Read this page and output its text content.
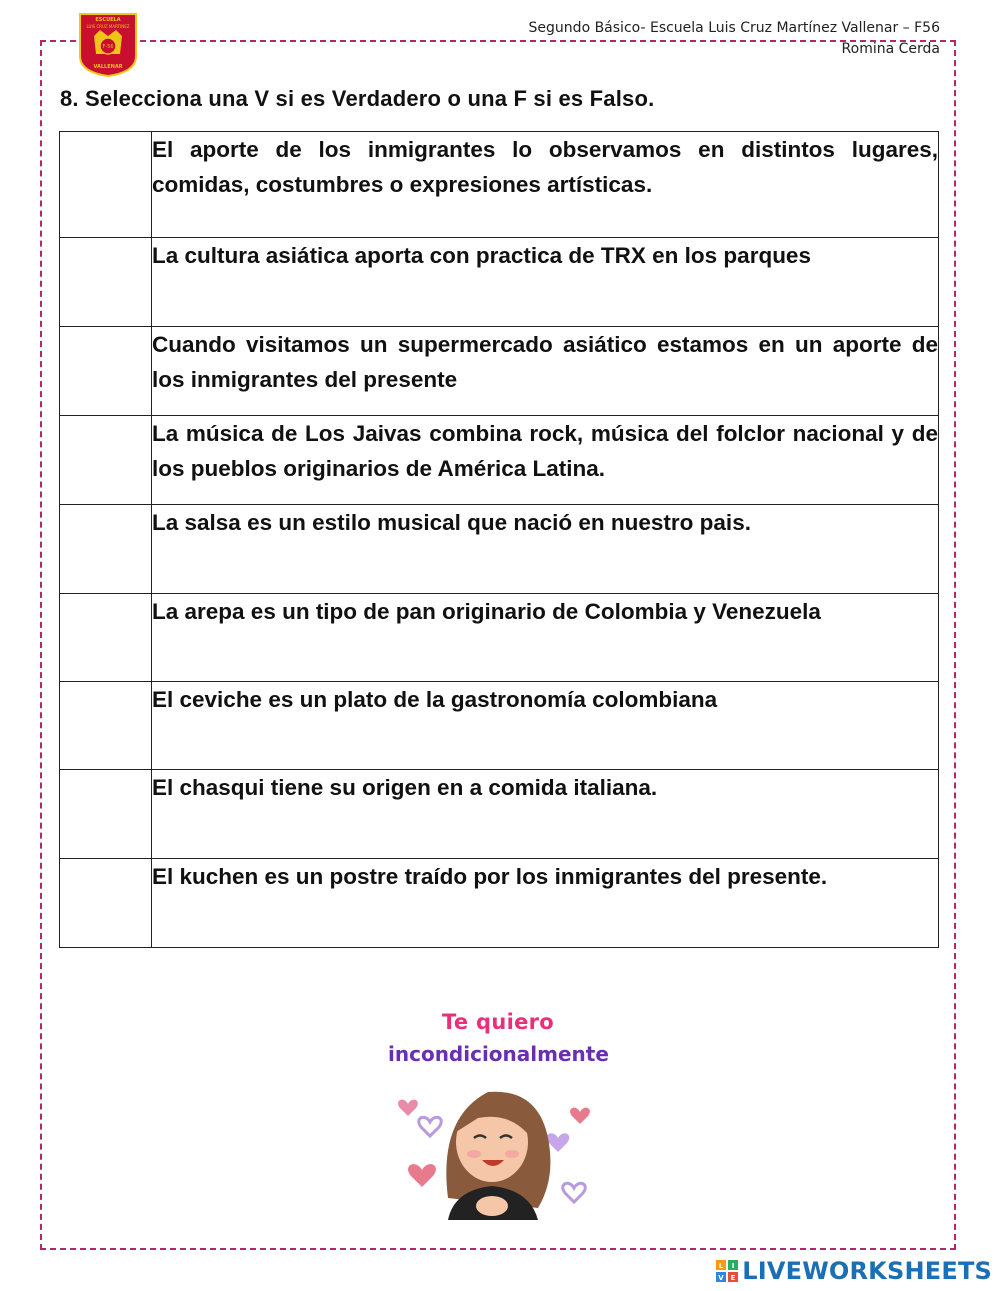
ESCUELA
LUIS CRUZ MARTINEZ
F-56
VALLENAR
Segundo Básico- Escuela Luis Cruz Martínez Vallenar – F56
Romina Cerda
8. Selecciona una V si es Verdadero o una F si es Falso.
	El aporte de los inmigrantes lo observamos en distintos lugares, comidas, costumbres o expresiones artísticas.
	La cultura asiática aporta con practica de TRX en los parques
	Cuando visitamos un supermercado asiático estamos en un aporte de los inmigrantes del presente
	La música de Los Jaivas combina rock, música del folclor nacional y de los pueblos originarios de América Latina.
	La salsa es un estilo musical que nació en nuestro pais.
	La arepa es un tipo de pan originario de Colombia y Venezuela
	El ceviche es un plato de la gastronomía colombiana
	El chasqui tiene su origen en a comida italiana.
	El kuchen es un postre traído por los inmigrantes del presente.
Te quiero
incondicionalmente
L I
V E LIVEWORKSHEETS
